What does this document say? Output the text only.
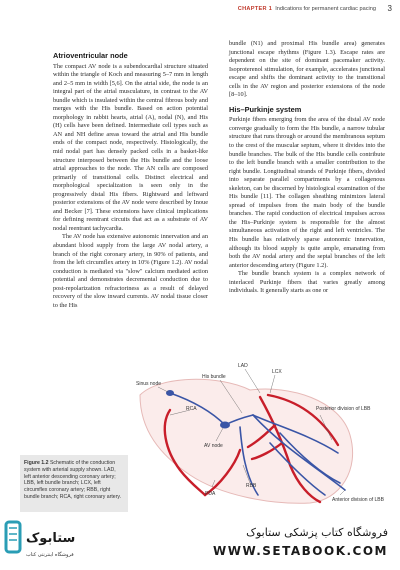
CHAPTER 1 Indications for permanent cardiac pacing 3
Atrioventricular node

The compact AV node is a subendocardial structure situated within the triangle of Koch and measuring 5–7 mm in length and 2–5 mm in width [5,6]. On the atrial side, the node is an integral part of the atrial musculature, in contrast to the AV bundle which is insulated within the central fibrous body and merges with the His bundle. Based on action potential morphology in rabbit hearts, atrial (A), nodal (N), and His (H) cells have been defined. Intermediate cell types such as AN and NH define areas toward the atrial and His bundle ends of the compact node, respectively. Histologically, the mid nodal part has densely packed cells in a basket-like structure interposed between the His bundle and the loose atrial approaches to the node. The AN cells are composed primarily of transitional cells. Distinct electrical and morphological specialization is seen only in the progressively distal His fibers. Rightward and leftward posterior extensions of the AV node were described by Inoue and Becker [7]. These extensions have clinical implications for defining reentrant circuits that act as a substrate of AV nodal reentrant tachycardia.

The AV node has extensive autonomic innervation and an abundant blood supply from the large AV nodal artery, a branch of the right coronary artery, in 90% of patients, and from the left circumflex artery in 10% (Figure 1.2). AV nodal conduction is mediated via "slow" calcium mediated action potential and demonstrates decremental conduction due to post-repolarization refractoriness as a result of delayed recovery of the slow inward currents. AV nodal tissue closer to the His

bundle (N1) and proximal His bundle area) generates junctional escape rhythms (Figure 1.3). Escape rates are dependent on the site of dominant pacemaker activity. Isoproterenol stimulation, for example, accelerates junctional escape and shifts the dominant activity to the transitional cells in the AV region and posterior extensions of the node [8–10].

His–Purkinje system

Purkinje fibers emerging from the area of the distal AV node converge gradually to form the His bundle, a narrow tubular structure that runs through or around the membranous septum to the crest of the muscular septum, where it divides into the bundle branches. The bulk of the His bundle cells contribute to the left bundle branch with a smaller contribution to the right bundle. Longitudinal strands of Purkinje fibers, divided into separate parallel compartments by a collagenous skeleton, can be discerned by histological examination of the His bundle [11]. The collagen sheathing minimizes lateral spread of impulses from the main body of the bundle branches. The rapid conduction of electrical impulses across the His–Purkinje system is responsible for the almost simultaneous activation of the right and left ventricles. The His bundle has relatively sparse autonomic innervation, although its blood supply is quite ample, emanating from both the AV nodal artery and the septal branches of the left anterior descending artery (Figure 1.2).

The bundle branch system is a complex network of interlaced Purkinje fibers that varies greatly among individuals. It generally starts as one or

Sinus node
His bundle
LAD
LCX
RCA
AV node
Posterior division of LBB
PDA
RBB
Anterior division of LBB
Figure 1.2 Schematic of the conduction system with arterial supply shown. LAD, left anterior descending coronary artery; LBB, left bundle branch; LCX, left circumflex coronary artery; RBB, right bundle branch; RCA, right coronary artery.
ستابوک
فروشگاه اینترنتی کتاب
فروشگاه کتاب پزشکی ستابوک
WWW.SETABOOK.COM
